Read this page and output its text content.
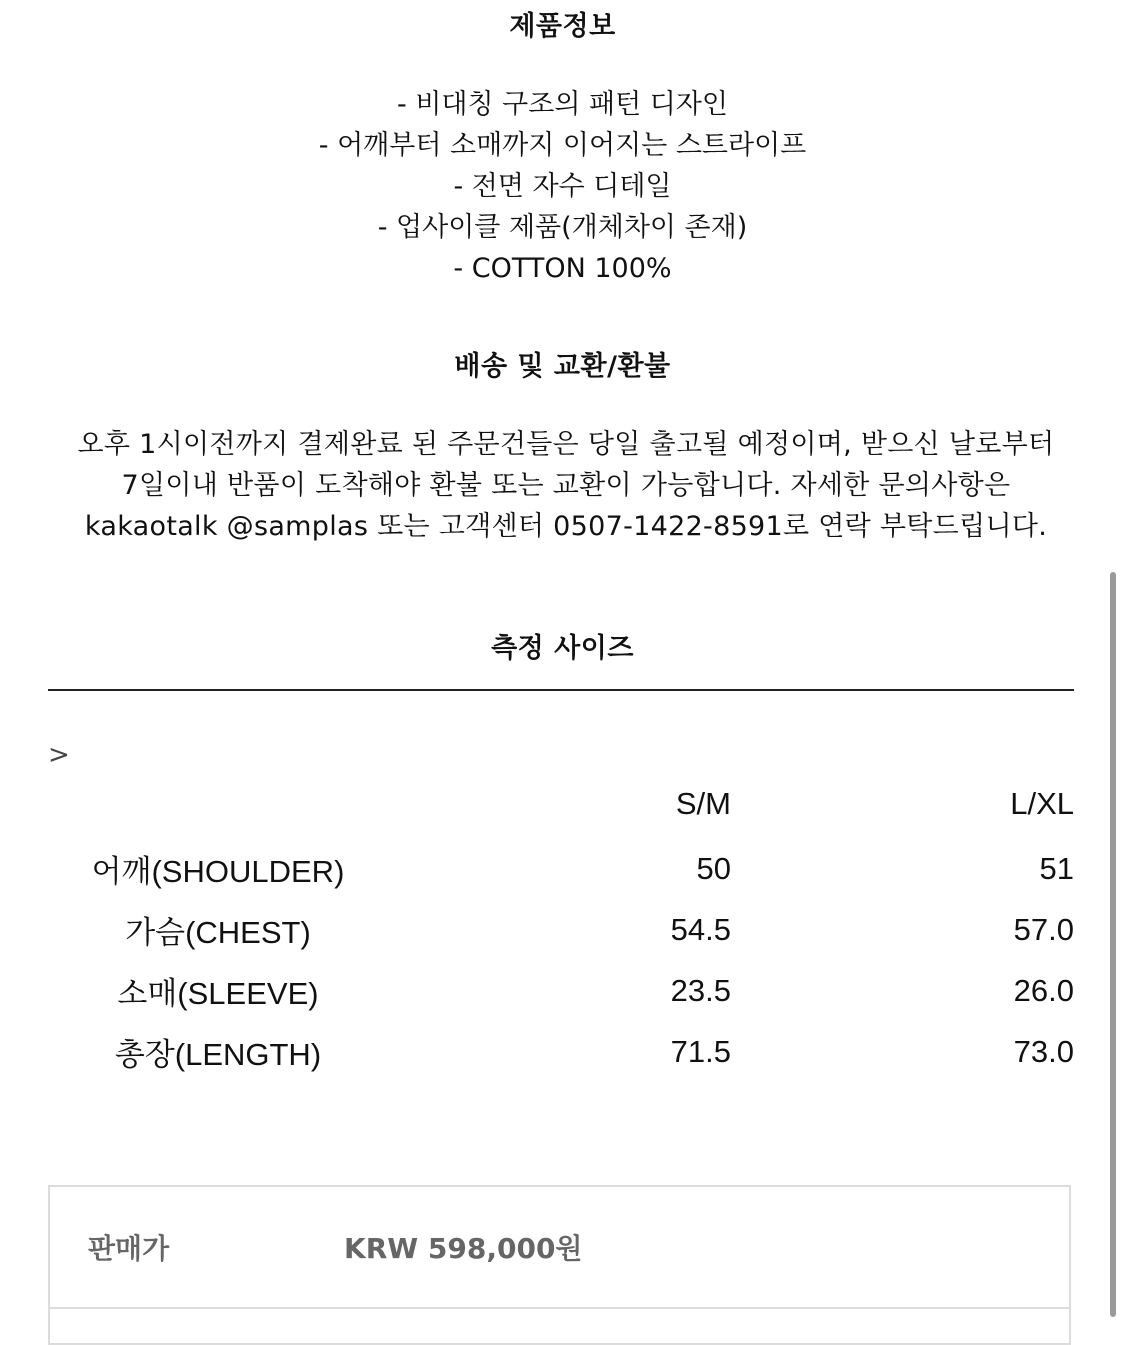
제품정보
- 비대칭 구조의 패턴 디자인
- 어깨부터 소매까지 이어지는 스트라이프
- 전면 자수 디테일
- 업사이클 제품(개체차이 존재)
- COTTON 100%
배송 및 교환/환불

오후 1시이전까지 결제완료 된 주문건들은 당일 출고될 예정이며, 받으신 날로부터
7일이내 반품이 도착해야 환불 또는 교환이 가능합니다. 자세한 문의사항은
kakaotalk @samplas 또는 고객센터 0507-1422-8591로 연락 부탁드립니다.

측정 사이즈
>
	S/M	L/XL
어깨(SHOULDER)	50	51
가슴(CHEST)	54.5	57.0
소매(SLEEVE)	23.5	26.0
총장(LENGTH)	71.5	73.0
판매가	KRW 598,000원
